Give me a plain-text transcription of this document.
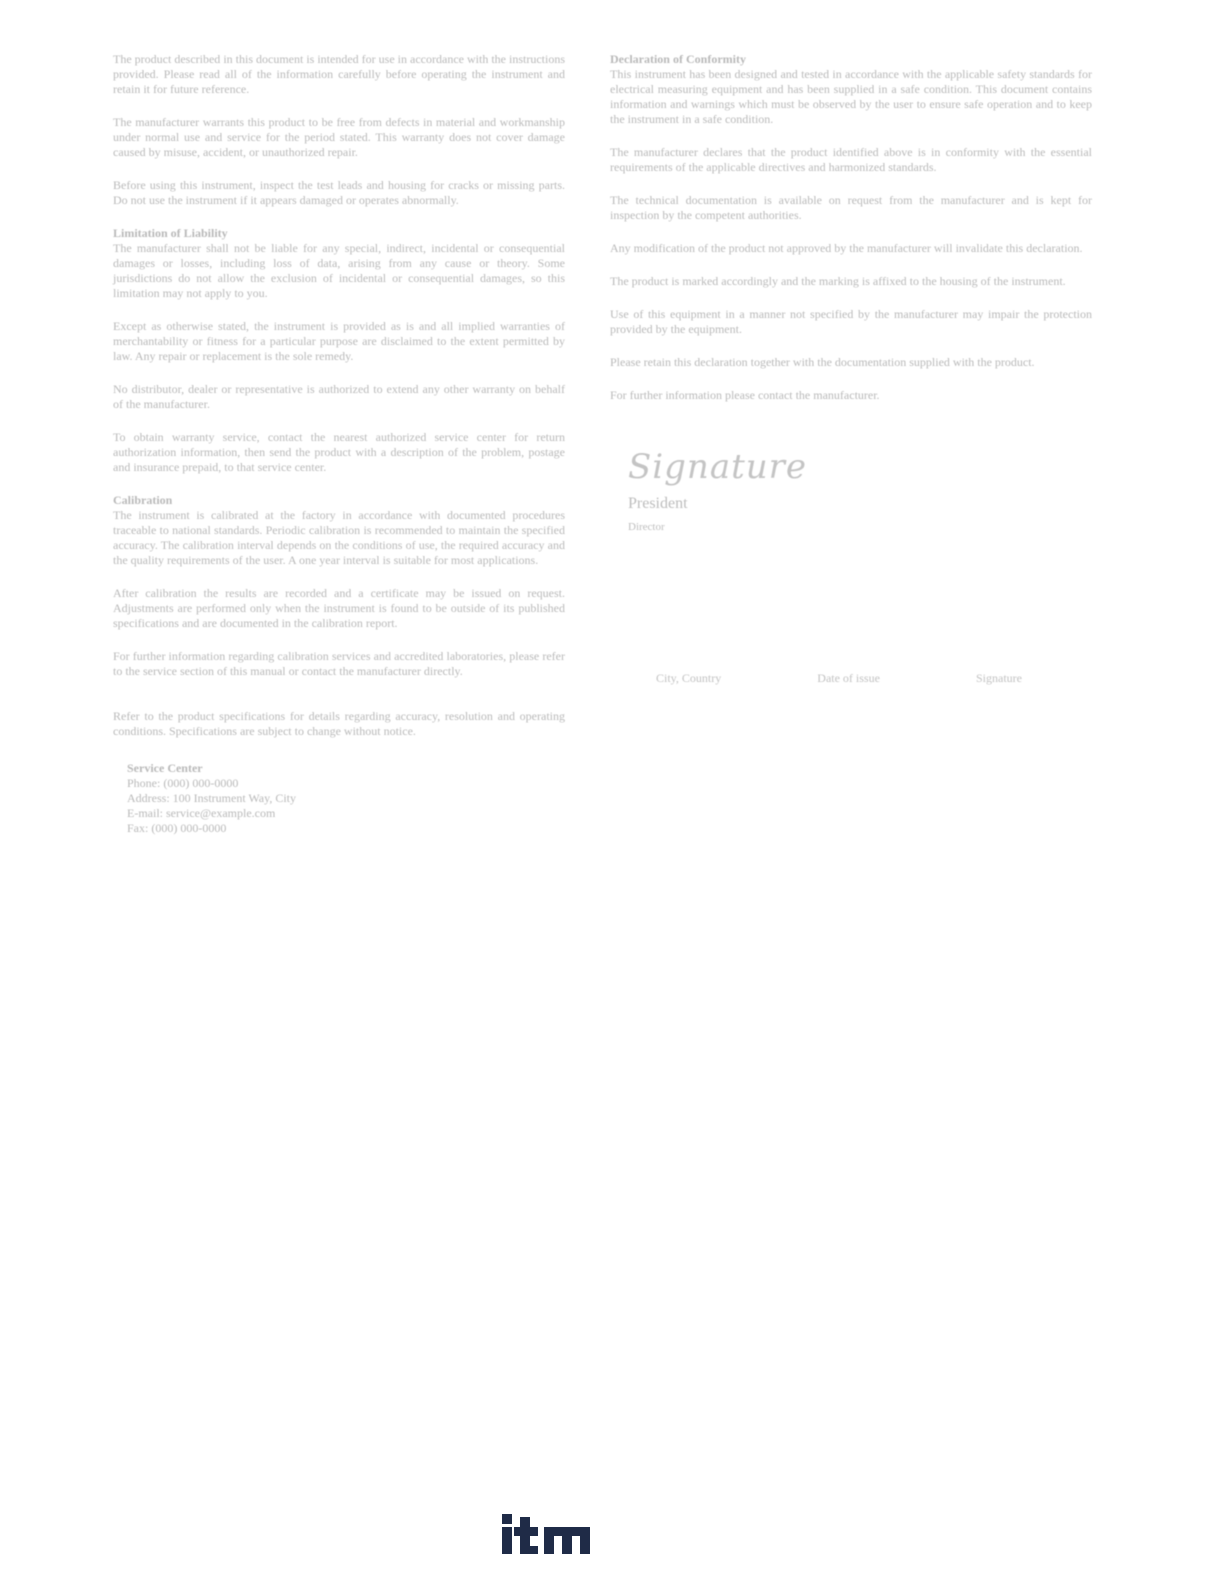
The product described in this document is intended for use in accordance with the instructions provided. Please read all of the information carefully before operating the instrument and retain it for future reference.

The manufacturer warrants this product to be free from defects in material and workmanship under normal use and service for the period stated. This warranty does not cover damage caused by misuse, accident, or unauthorized repair.

Before using this instrument, inspect the test leads and housing for cracks or missing parts. Do not use the instrument if it appears damaged or operates abnormally.

Limitation of Liability

The manufacturer shall not be liable for any special, indirect, incidental or consequential damages or losses, including loss of data, arising from any cause or theory. Some jurisdictions do not allow the exclusion of incidental or consequential damages, so this limitation may not apply to you.

Except as otherwise stated, the instrument is provided as is and all implied warranties of merchantability or fitness for a particular purpose are disclaimed to the extent permitted by law. Any repair or replacement is the sole remedy.

No distributor, dealer or representative is authorized to extend any other warranty on behalf of the manufacturer.

To obtain warranty service, contact the nearest authorized service center for return authorization information, then send the product with a description of the problem, postage and insurance prepaid, to that service center.

Calibration

The instrument is calibrated at the factory in accordance with documented procedures traceable to national standards. Periodic calibration is recommended to maintain the specified accuracy. The calibration interval depends on the conditions of use, the required accuracy and the quality requirements of the user. A one year interval is suitable for most applications.

After calibration the results are recorded and a certificate may be issued on request. Adjustments are performed only when the instrument is found to be outside of its published specifications and are documented in the calibration report.

For further information regarding calibration services and accredited laboratories, please refer to the service section of this manual or contact the manufacturer directly.

Refer to the product specifications for details regarding accuracy, resolution and operating conditions. Specifications are subject to change without notice.

Service Center
Phone: (000) 000-0000
Address: 100 Instrument Way, City
E-mail: service@example.com
Fax: (000) 000-0000

Declaration of Conformity

This instrument has been designed and tested in accordance with the applicable safety standards for electrical measuring equipment and has been supplied in a safe condition. This document contains information and warnings which must be observed by the user to ensure safe operation and to keep the instrument in a safe condition.

The manufacturer declares that the product identified above is in conformity with the essential requirements of the applicable directives and harmonized standards.

The technical documentation is available on request from the manufacturer and is kept for inspection by the competent authorities.

Any modification of the product not approved by the manufacturer will invalidate this declaration.

The product is marked accordingly and the marking is affixed to the housing of the instrument.

Use of this equipment in a manner not specified by the manufacturer may impair the protection provided by the equipment.

Please retain this declaration together with the documentation supplied with the product.

For further information please contact the manufacturer.

Signature
President
Director
City, Country	Date of issue	Signature
